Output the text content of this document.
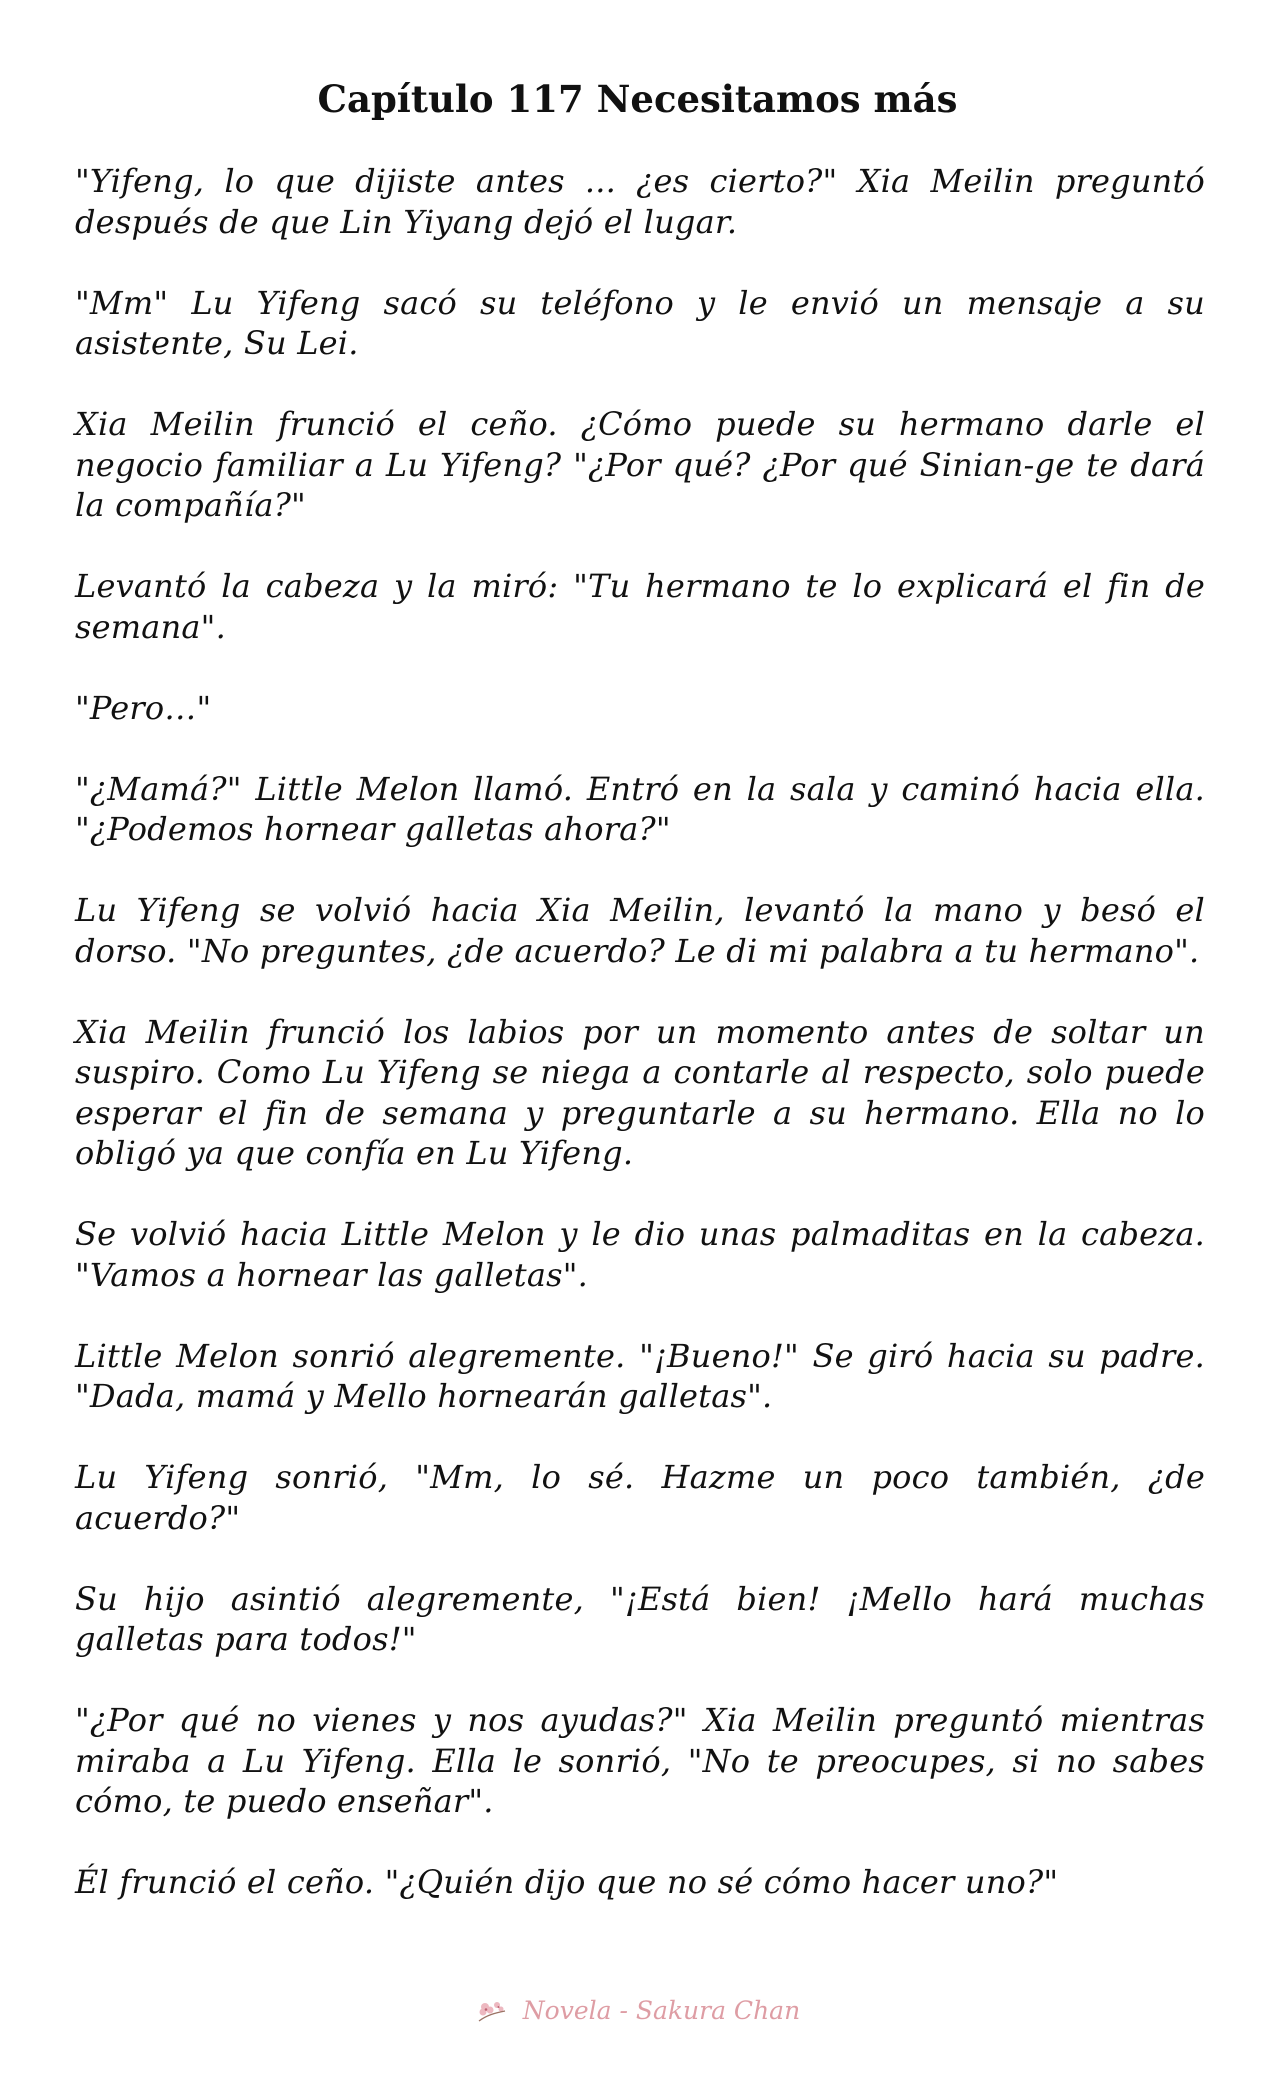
Capítulo 117 Necesitamos más

"Yifeng, lo que dijiste antes ... ¿es cierto?" Xia Meilin preguntó después de que Lin Yiyang dejó el lugar.

"Mm" Lu Yifeng sacó su teléfono y le envió un mensaje a su asistente, Su Lei.

Xia Meilin frunció el ceño. ¿Cómo puede su hermano darle el negocio familiar a Lu Yifeng? "¿Por qué? ¿Por qué Sinian-ge te dará la compañía?"

Levantó la cabeza y la miró: "Tu hermano te lo explicará el fin de semana".

"Pero…"

"¿Mamá?" Little Melon llamó. Entró en la sala y caminó hacia ella. "¿Podemos hornear galletas ahora?"

Lu Yifeng se volvió hacia Xia Meilin, levantó la mano y besó el dorso. "No preguntes, ¿de acuerdo? Le di mi palabra a tu hermano".

Xia Meilin frunció los labios por un momento antes de soltar un suspiro. Como Lu Yifeng se niega a contarle al respecto, solo puede esperar el fin de semana y preguntarle a su hermano. Ella no lo obligó ya que confía en Lu Yifeng.

Se volvió hacia Little Melon y le dio unas palmaditas en la cabeza. "Vamos a hornear las galletas".

Little Melon sonrió alegremente. "¡Bueno!" Se giró hacia su padre. "Dada, mamá y Mello hornearán galletas".

Lu Yifeng sonrió, "Mm, lo sé. Hazme un poco también, ¿de acuerdo?"

Su hijo asintió alegremente, "¡Está bien! ¡Mello hará muchas galletas para todos!"

"¿Por qué no vienes y nos ayudas?" Xia Meilin preguntó mientras miraba a Lu Yifeng. Ella le sonrió, "No te preocupes, si no sabes cómo, te puedo enseñar".

Él frunció el ceño. "¿Quién dijo que no sé cómo hacer uno?"

Novela - Sakura Chan
